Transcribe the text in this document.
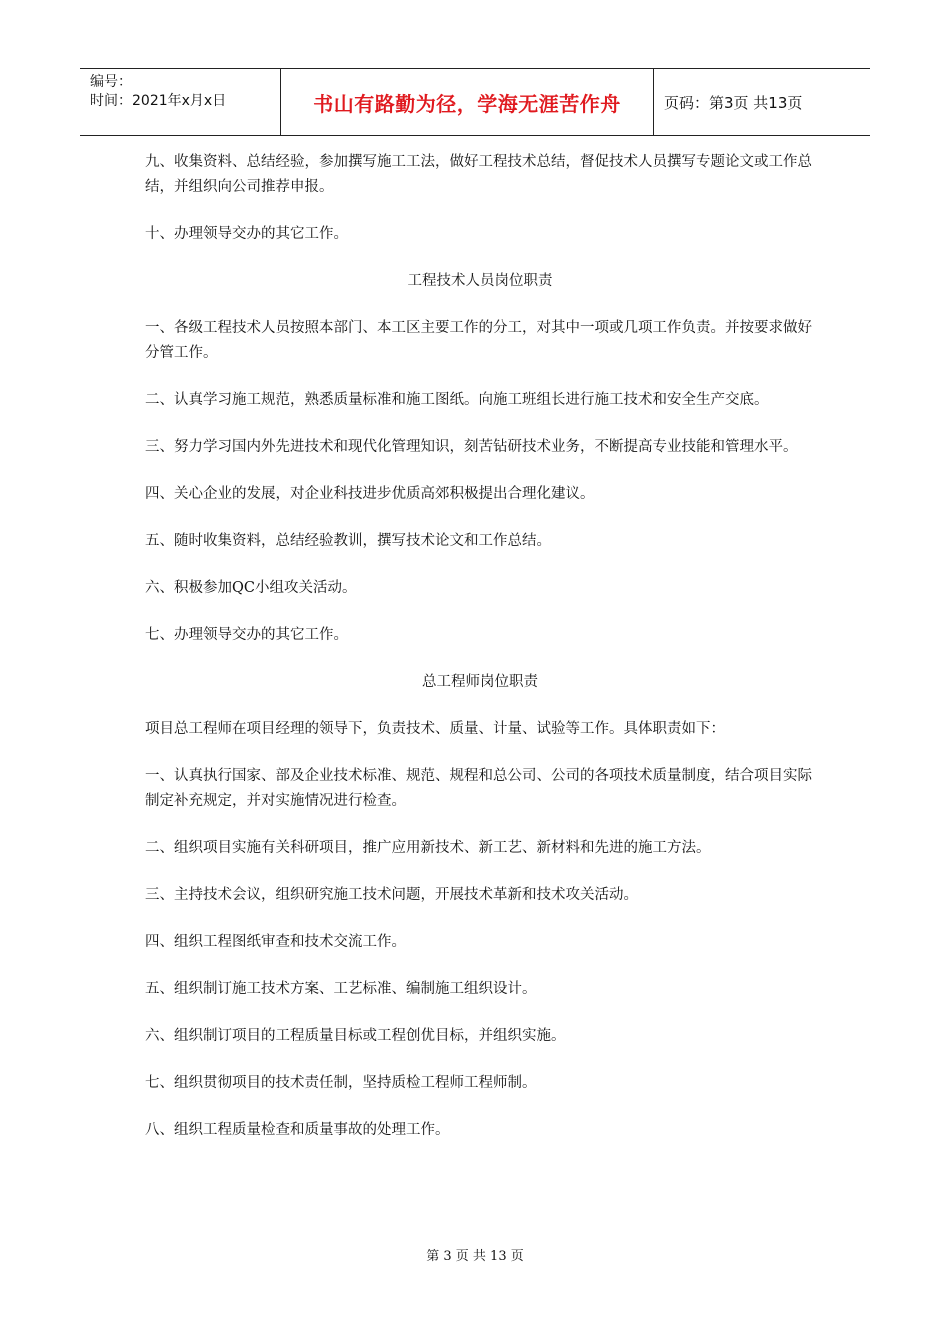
编号：
时间：2021年x月x日	书山有路勤为径，学海无涯苦作舟	页码：第3页 共13页

九、收集资料、总结经验，参加撰写施工工法，做好工程技术总结，督促技术人员撰写专题论文或工作总结，并组织向公司推荐申报。

十、办理领导交办的其它工作。

工程技术人员岗位职责

一、各级工程技术人员按照本部门、本工区主要工作的分工，对其中一项或几项工作负责。并按要求做好分管工作。

二、认真学习施工规范，熟悉质量标准和施工图纸。向施工班组长进行施工技术和安全生产交底。

三、努力学习国内外先进技术和现代化管理知识，刻苦钻研技术业务，不断提高专业技能和管理水平。

四、关心企业的发展，对企业科技进步优质高郊积极提出合理化建议。

五、随时收集资料，总结经验教训，撰写技术论文和工作总结。

六、积极参加QC小组攻关活动。

七、办理领导交办的其它工作。

总工程师岗位职责

项目总工程师在项目经理的领导下，负责技术、质量、计量、试验等工作。具体职责如下：

一、认真执行国家、部及企业技术标准、规范、规程和总公司、公司的各项技术质量制度，结合项目实际制定补充规定，并对实施情况进行检查。

二、组织项目实施有关科研项目，推广应用新技术、新工艺、新材料和先进的施工方法。

三、主持技术会议，组织研究施工技术问题，开展技术革新和技术攻关活动。

四、组织工程图纸审查和技术交流工作。

五、组织制订施工技术方案、工艺标准、编制施工组织设计。

六、组织制订项目的工程质量目标或工程创优目标，并组织实施。

七、组织贯彻项目的技术责任制，坚持质检工程师工程师制。

八、组织工程质量检查和质量事故的处理工作。

第 3 页 共 13 页
